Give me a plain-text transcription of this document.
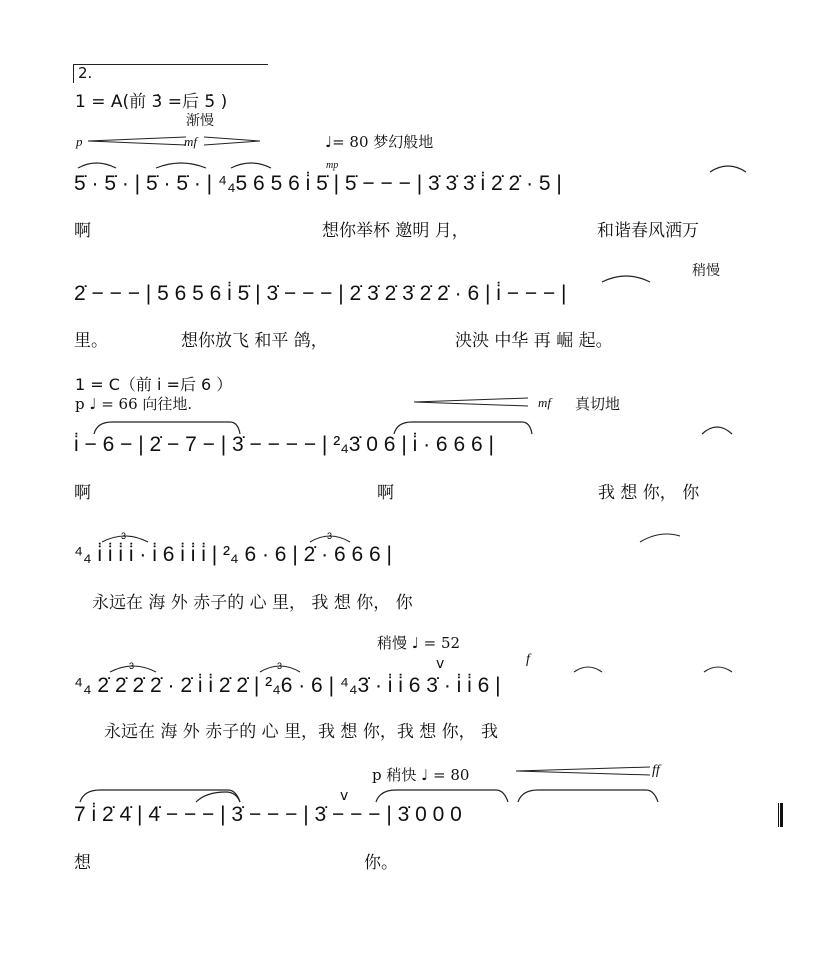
2.
1 = A(前 3̇ =后 5̇ )
渐慢
p	mf	♩= 80 梦幻般地
mp
5̇ · 5̇ · | 5̇ · 5̇ · | ⁴₄5 6 5 6 i̇ 5̇ | 5̇ − − − | 3̇ 3̇ 3̇ i̇ 2̇ 2̇ · 5 |
啊	想你举杯 邀明 月，	和谐春风洒万
稍慢
2̇ − − − | 5 6 5 6 i̇ 5̇ | 3̇ − − − | 2̇ 3̇ 2̇ 3̇ 2̇ 2̇ · 6 | i̇ − − − |
里。	想你放飞 和平 鸽，	泱泱 中华 再 崛 起。
1 = C（前 i̇ =后 6 ）
p ♩ = 66 向往地.	mf 真切地
i̇ − 6 − | 2̇ − 7 − | 3̇ − − − − | ²₄3̇ 0 6 | i̇ · 6 6 6 |
啊	啊	我 想 你， 你
3	3
⁴₄ i̇ i̇ i̇ i̇ · i̇ 6 i̇ i̇ i̇ | ²₄ 6 · 6 | 2̇ · 6 6 6 |
永远在 海 外 赤子的 心 里， 我 想 你， 你
稍慢 ♩ = 52
v	f
3	3
⁴₄ 2̇ 2̇ 2̇ 2̇ · 2̇ i̇ i̇ 2̇ 2̇ | ²₄6 · 6 | ⁴₄3̇ · i̇ i̇ 6 3̇ · i̇ i̇ 6 |
永远在 海 外 赤子的 心 里，我 想 你，我 想 你， 我
p 稍快 ♩ = 80	ff
v
7 i̇ 2̇ 4̇ | 4̇ − − − | 3̇ − − − | 3̇ − − − | 3̇ 0 0 0
想	你。
